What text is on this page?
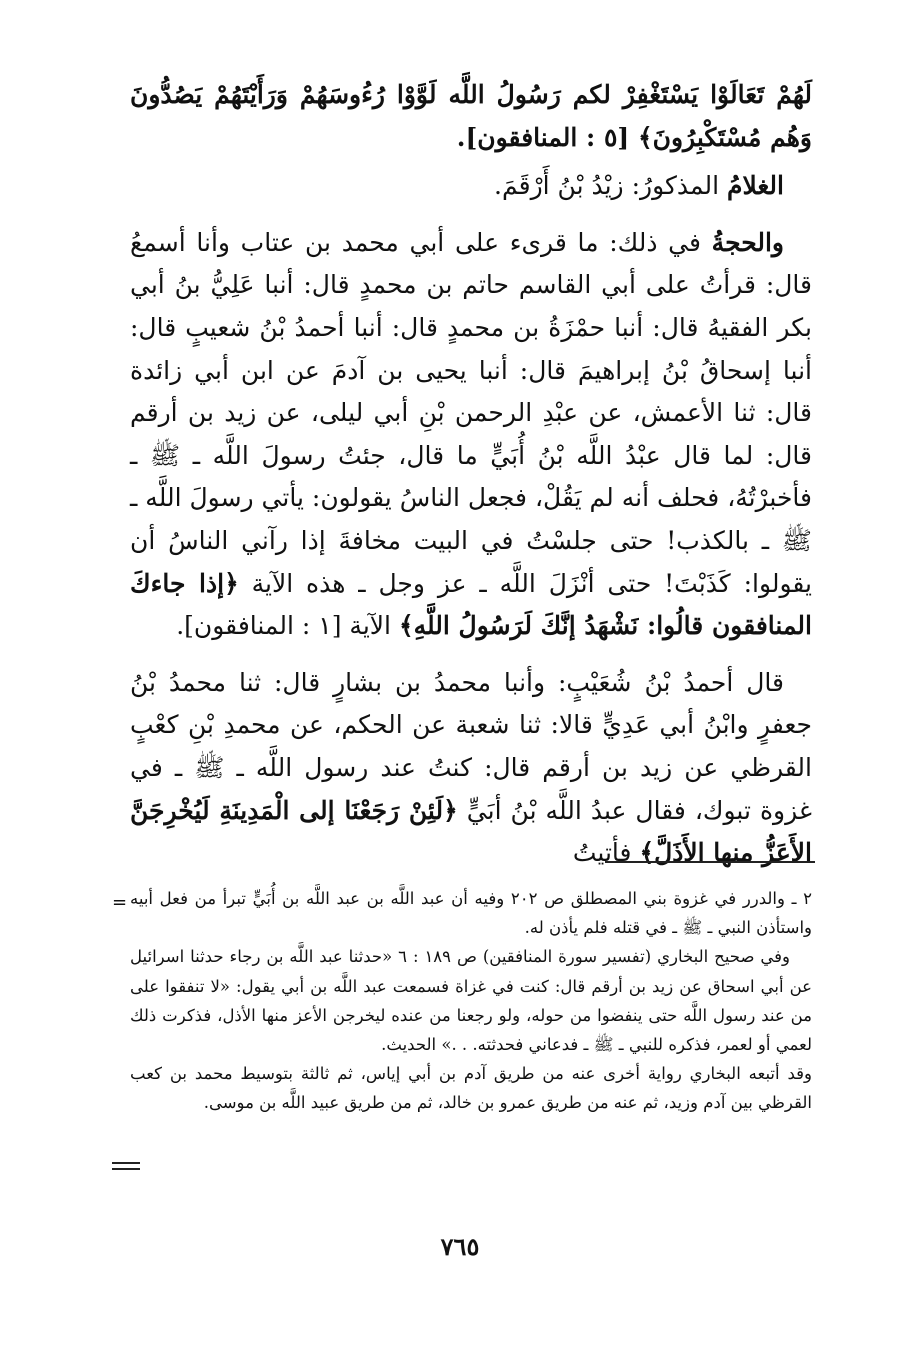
لَهُمْ تَعَالَوْا يَسْتَغْفِرْ لكم رَسُولُ اللَّه لَوَّوْا رُءُوسَهُمْ وَرَأَيْتَهُمْ يَصُدُّونَ وَهُم مُسْتَكْبِرُونَ﴾ [٥ : المنافقون].

الغلامُ المذكورُ: زيْدُ بْنُ أَرْقَمَ.

والحجةُ في ذلك: ما قرىء على أبي محمد بن عتاب وأنا أسمعُ قال: قرأتُ على أبي القاسم حاتم بن محمدٍ قال: أنبا عَلِيُّ بنُ أبي بكر الفقيهُ قال: أنبا حمْزَةُ بن محمدٍ قال: أنبا أحمدُ بْنُ شعيبٍ قال: أنبا إسحاقُ بْنُ إبراهيمَ قال: أنبا يحيى بن آدمَ عن ابن أبي زائدة قال: ثنا الأعمش، عن عبْدِ الرحمن بْنِ أبي ليلى، عن زيد بن أرقم قال: لما قال عبْدُ اللَّه بْنُ أُبَيٍّ ما قال، جئتُ رسولَ اللَّه ـ ﷺ ـ فأخبرْتُهُ، فحلف أنه لم يَقُلْ، فجعل الناسُ يقولون: يأتي رسولَ اللَّه ـ ﷺ ـ بالكذب! حتى جلسْتُ في البيت مخافةَ إذا رآني الناسُ أن يقولوا: كَذَبْتَ! حتى أنْزَلَ اللَّه ـ عز وجل ـ هذه الآية ﴿إذا جاءكَ المنافقون قالُوا: نَشْهَدُ إنَّكَ لَرَسُولُ اللَّهِ﴾ الآية [١ : المنافقون].

قال أحمدُ بْنُ شُعَيْبٍ: وأنبا محمدُ بن بشارٍ قال: ثنا محمدُ بْنُ جعفرٍ وابْنُ أبي عَدِيٍّ قالا: ثنا شعبة عن الحكم، عن محمدِ بْنِ كعْبٍ القرظي عن زيد بن أرقم قال: كنتُ عند رسول اللَّه ـ ﷺ ـ في غزوة تبوك، فقال عبدُ اللَّه بْنُ أبَيٍّ ﴿لَئِنْ رَجَعْنَا إلى الْمَدِينَةِ لَيُخْرِجَنَّ الأَعَزُّ منها الأَذَلَّ﴾ فأتيتُ

= ٢ ـ والدرر في غزوة بني المصطلق ص ٢٠٢ وفيه أن عبد اللَّه بن عبد اللَّه بن أُبَيٍّ تبرأ من فعل أبيه واستأذن النبي ـ ﷺ ـ في قتله فلم يأذن له.

وفي صحيح البخاري (تفسير سورة المنافقين) ص ١٨٩ : ٦ «حدثنا عبد اللَّه بن رجاء حدثنا اسرائيل عن أبي اسحاق عن زيد بن أرقم قال: كنت في غزاة فسمعت عبد اللَّه بن أبي يقول: «لا تنفقوا على من عند رسول اللَّه حتى ينفضوا من حوله، ولو رجعنا من عنده ليخرجن الأعز منها الأذل، فذكرت ذلك لعمي أو لعمر، فذكره للنبي ـ ﷺ ـ فدعاني فحدثته. . .» الحديث.

وقد أتبعه البخاري رواية أخرى عنه من طريق آدم بن أبي إياس، ثم ثالثة بتوسيط محمد بن كعب القرظي بين آدم وزيد، ثم عنه من طريق عمرو بن خالد، ثم من طريق عبيد اللَّه بن موسى.

٧٦٥
